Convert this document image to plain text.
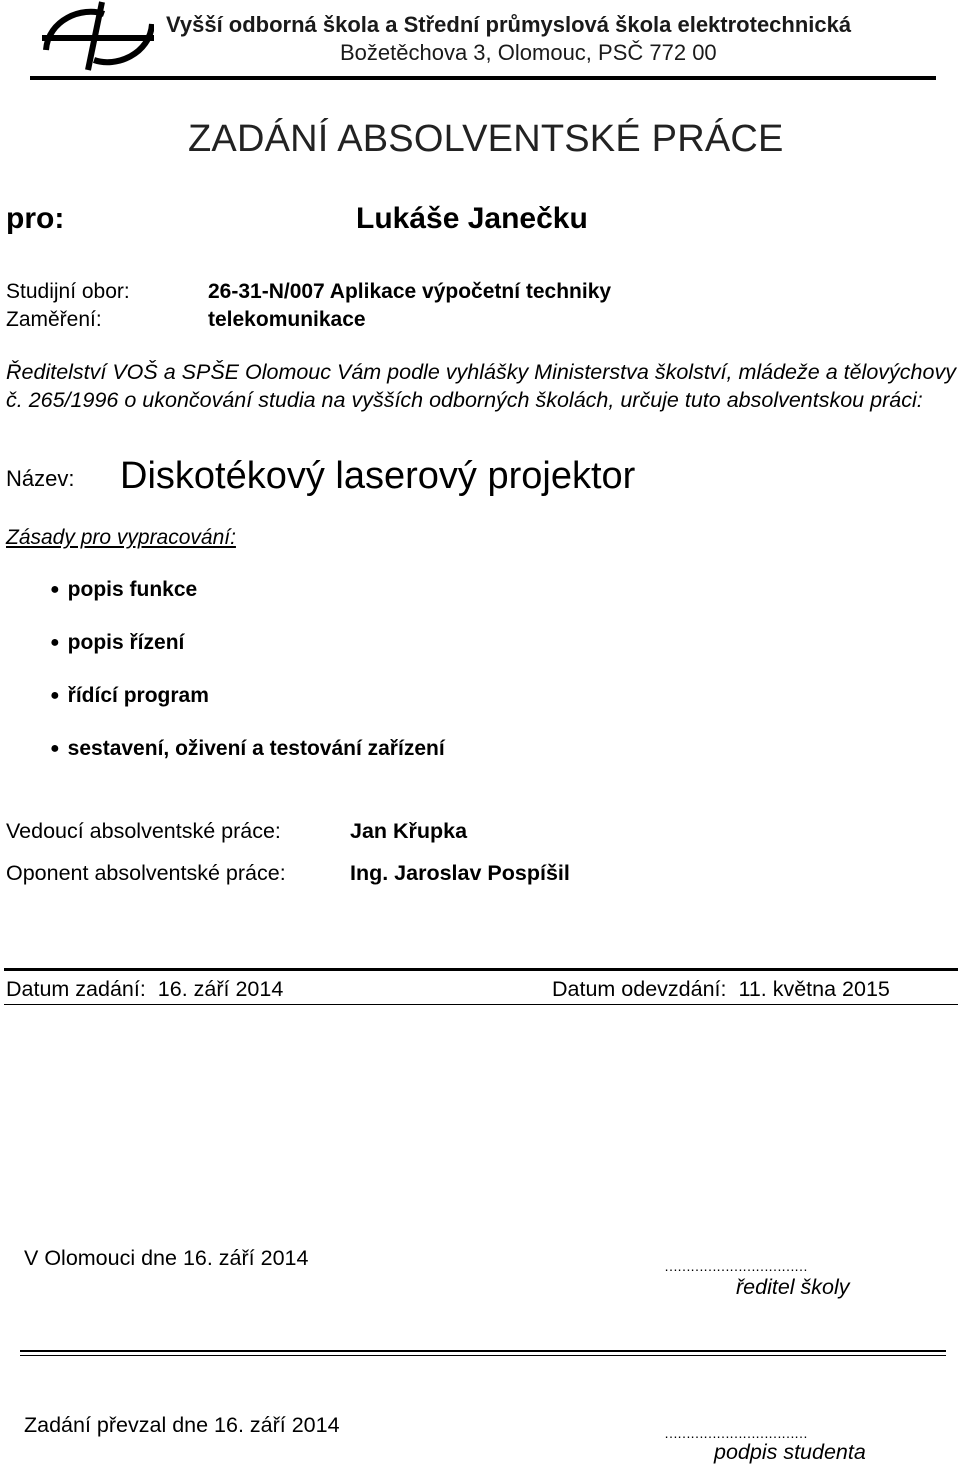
Vyšší odborná škola a Střední průmyslová škola elektrotechnická
Božetěchova 3, Olomouc, PSČ 772 00
ZADÁNÍ ABSOLVENTSKÉ PRÁCE
pro:	Lukáše Janečku
Studijní obor:	26-31-N/007 Aplikace výpočetní techniky
Zaměření:	telekomunikace
Ředitelství VOŠ a SPŠE Olomouc Vám podle vyhlášky Ministerstva školství, mládeže a tělovýchovy č. 265/1996 o ukončování studia na vyšších odborných školách, určuje tuto absolventskou práci:
Název: Diskotékový laserový projektor
Zásady pro vypracování:
● popis funkce
● popis řízení
● řídící program
● sestavení, oživení a testování zařízení
Vedoucí absolventské práce:	Jan Křupka
Oponent absolventské práce:	Ing. Jaroslav Pospíšil
Datum zadání: 16. září 2014	Datum odevzdání: 11. května 2015
V Olomouci dne 16. září 2014	……………………………
ředitel školy
Zadání převzal dne 16. září 2014	……………………………
podpis studenta
